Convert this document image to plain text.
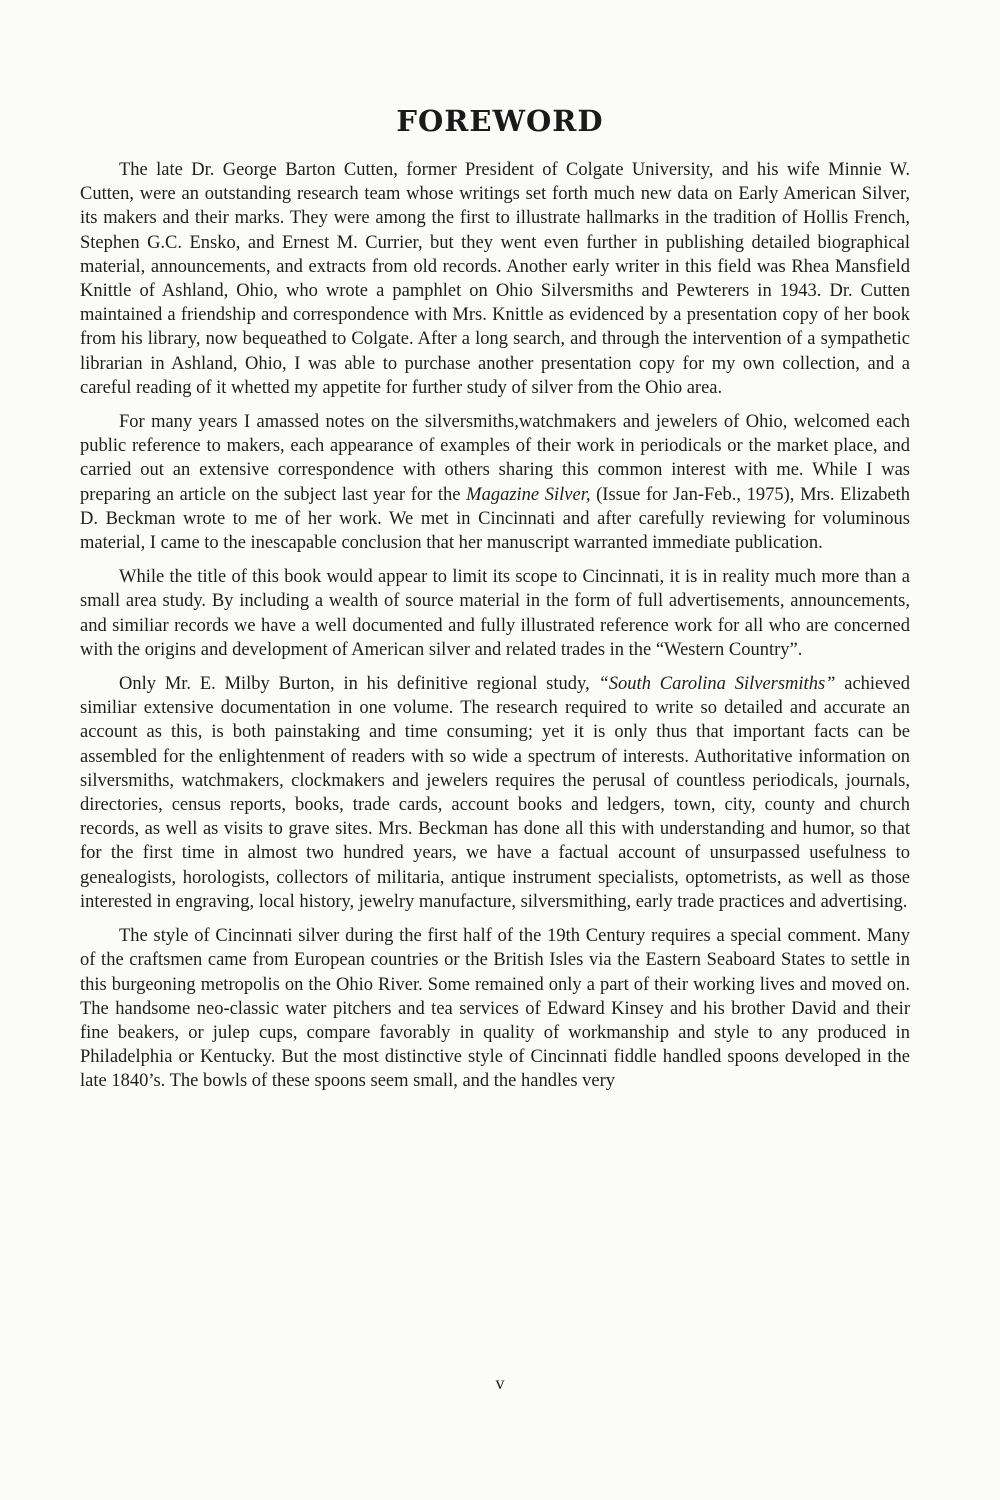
FOREWORD

The late Dr. George Barton Cutten, former President of Colgate University, and his wife Minnie W. Cutten, were an outstanding research team whose writings set forth much new data on Early American Silver, its makers and their marks. They were among the first to illustrate hallmarks in the tradition of Hollis French, Stephen G.C. Ensko, and Ernest M. Currier, but they went even further in publishing detailed biographical material, announcements, and extracts from old records. Another early writer in this field was Rhea Mansfield Knittle of Ashland, Ohio, who wrote a pamphlet on Ohio Silversmiths and Pewterers in 1943. Dr. Cutten maintained a friendship and correspondence with Mrs. Knittle as evidenced by a presentation copy of her book from his library, now bequeathed to Colgate. After a long search, and through the intervention of a sympathetic librarian in Ashland, Ohio, I was able to purchase another presentation copy for my own collection, and a careful reading of it whetted my appetite for further study of silver from the Ohio area.

For many years I amassed notes on the silversmiths,watchmakers and jewelers of Ohio, welcomed each public reference to makers, each appearance of examples of their work in periodicals or the market place, and carried out an extensive correspondence with others sharing this common interest with me. While I was preparing an article on the subject last year for the Magazine Silver, (Issue for Jan-Feb., 1975), Mrs. Elizabeth D. Beckman wrote to me of her work. We met in Cincinnati and after carefully reviewing for voluminous material, I came to the inescapable conclusion that her manuscript warranted immediate publication.

While the title of this book would appear to limit its scope to Cincinnati, it is in reality much more than a small area study. By including a wealth of source material in the form of full advertisements, announcements, and similiar records we have a well documented and fully illustrated reference work for all who are concerned with the origins and development of American silver and related trades in the “Western Country”.

Only Mr. E. Milby Burton, in his definitive regional study, “South Carolina Silversmiths” achieved similiar extensive documentation in one volume. The research required to write so detailed and accurate an account as this, is both painstaking and time consuming; yet it is only thus that important facts can be assembled for the enlightenment of readers with so wide a spectrum of interests. Authoritative information on silversmiths, watchmakers, clockmakers and jewelers requires the perusal of countless periodicals, journals, directories, census reports, books, trade cards, account books and ledgers, town, city, county and church records, as well as visits to grave sites. Mrs. Beckman has done all this with understanding and humor, so that for the first time in almost two hundred years, we have a factual account of unsurpassed usefulness to genealogists, horologists, collectors of militaria, antique instrument specialists, optometrists, as well as those interested in engraving, local history, jewelry manufacture, silversmithing, early trade practices and advertising.

The style of Cincinnati silver during the first half of the 19th Century requires a special comment. Many of the craftsmen came from European countries or the British Isles via the Eastern Seaboard States to settle in this burgeoning metropolis on the Ohio River. Some remained only a part of their working lives and moved on. The handsome neo-classic water pitchers and tea services of Edward Kinsey and his brother David and their fine beakers, or julep cups, compare favorably in quality of workmanship and style to any produced in Philadelphia or Kentucky. But the most distinctive style of Cincinnati fiddle handled spoons developed in the late 1840’s. The bowls of these spoons seem small, and the handles very

v
